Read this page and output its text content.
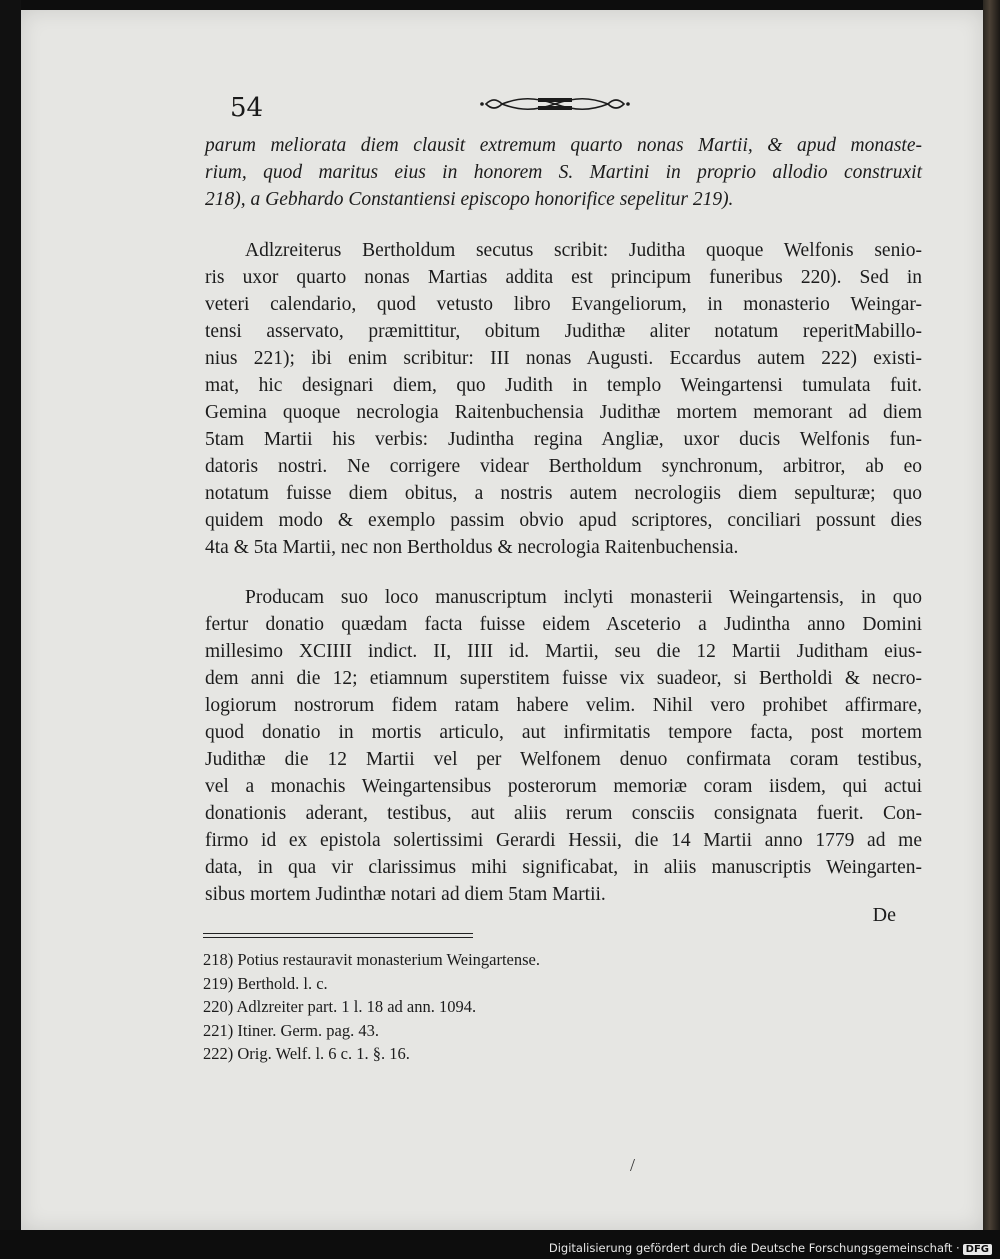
54
parum meliorata diem clausit extremum quarto nonas Martii, & apud monaste-
rium, quod maritus eius in honorem S. Martini in proprio allodio construxit
218), a Gebhardo Constantiensi episcopo honorifice sepelitur 219).
Adlzreiterus Bertholdum secutus scribit: Juditha quoque Welfonis senio-
ris uxor quarto nonas Martias addita est principum funeribus 220). Sed in
veteri calendario, quod vetusto libro Evangeliorum, in monasterio Weingar-
tensi asservato, præmittitur, obitum Judithæ aliter notatum reperitMabillo-
nius 221); ibi enim scribitur: III nonas Augusti. Eccardus autem 222) existi-
mat, hic designari diem, quo Judith in templo Weingartensi tumulata fuit.
Gemina quoque necrologia Raitenbuchensia Judithæ mortem memorant ad diem
5tam Martii his verbis: Judintha regina Angliæ, uxor ducis Welfonis fun-
datoris nostri. Ne corrigere videar Bertholdum synchronum, arbitror, ab eo
notatum fuisse diem obitus, a nostris autem necrologiis diem sepulturæ; quo
quidem modo & exemplo passim obvio apud scriptores, conciliari possunt dies
4ta & 5ta Martii, nec non Bertholdus & necrologia Raitenbuchensia.
Producam suo loco manuscriptum inclyti monasterii Weingartensis, in quo
fertur donatio quædam facta fuisse eidem Asceterio a Judintha anno Domini
millesimo XCIIII indict. II, IIII id. Martii, seu die 12 Martii Juditham eius-
dem anni die 12; etiamnum superstitem fuisse vix suadeor, si Bertholdi & necro-
logiorum nostrorum fidem ratam habere velim. Nihil vero prohibet affirmare,
quod donatio in mortis articulo, aut infirmitatis tempore facta, post mortem
Judithæ die 12 Martii vel per Welfonem denuo confirmata coram testibus,
vel a monachis Weingartensibus posterorum memoriæ coram iisdem, qui actui
donationis aderant, testibus, aut aliis rerum consciis consignata fuerit. Con-
firmo id ex epistola solertissimi Gerardi Hessii, die 14 Martii anno 1779 ad me
data, in qua vir clarissimus mihi significabat, in aliis manuscriptis Weingarten-
sibus mortem Judinthæ notari ad diem 5tam Martii.
De
218) Potius restauravit monasterium Weingartense.
219) Berthold. l. c.
220) Adlzreiter part. 1 l. 18 ad ann. 1094.
221) Itiner. Germ. pag. 43.
222) Orig. Welf. l. 6 c. 1. §. 16.
/
Digitalisierung gefördert durch die Deutsche Forschungsgemeinschaft · DFG
